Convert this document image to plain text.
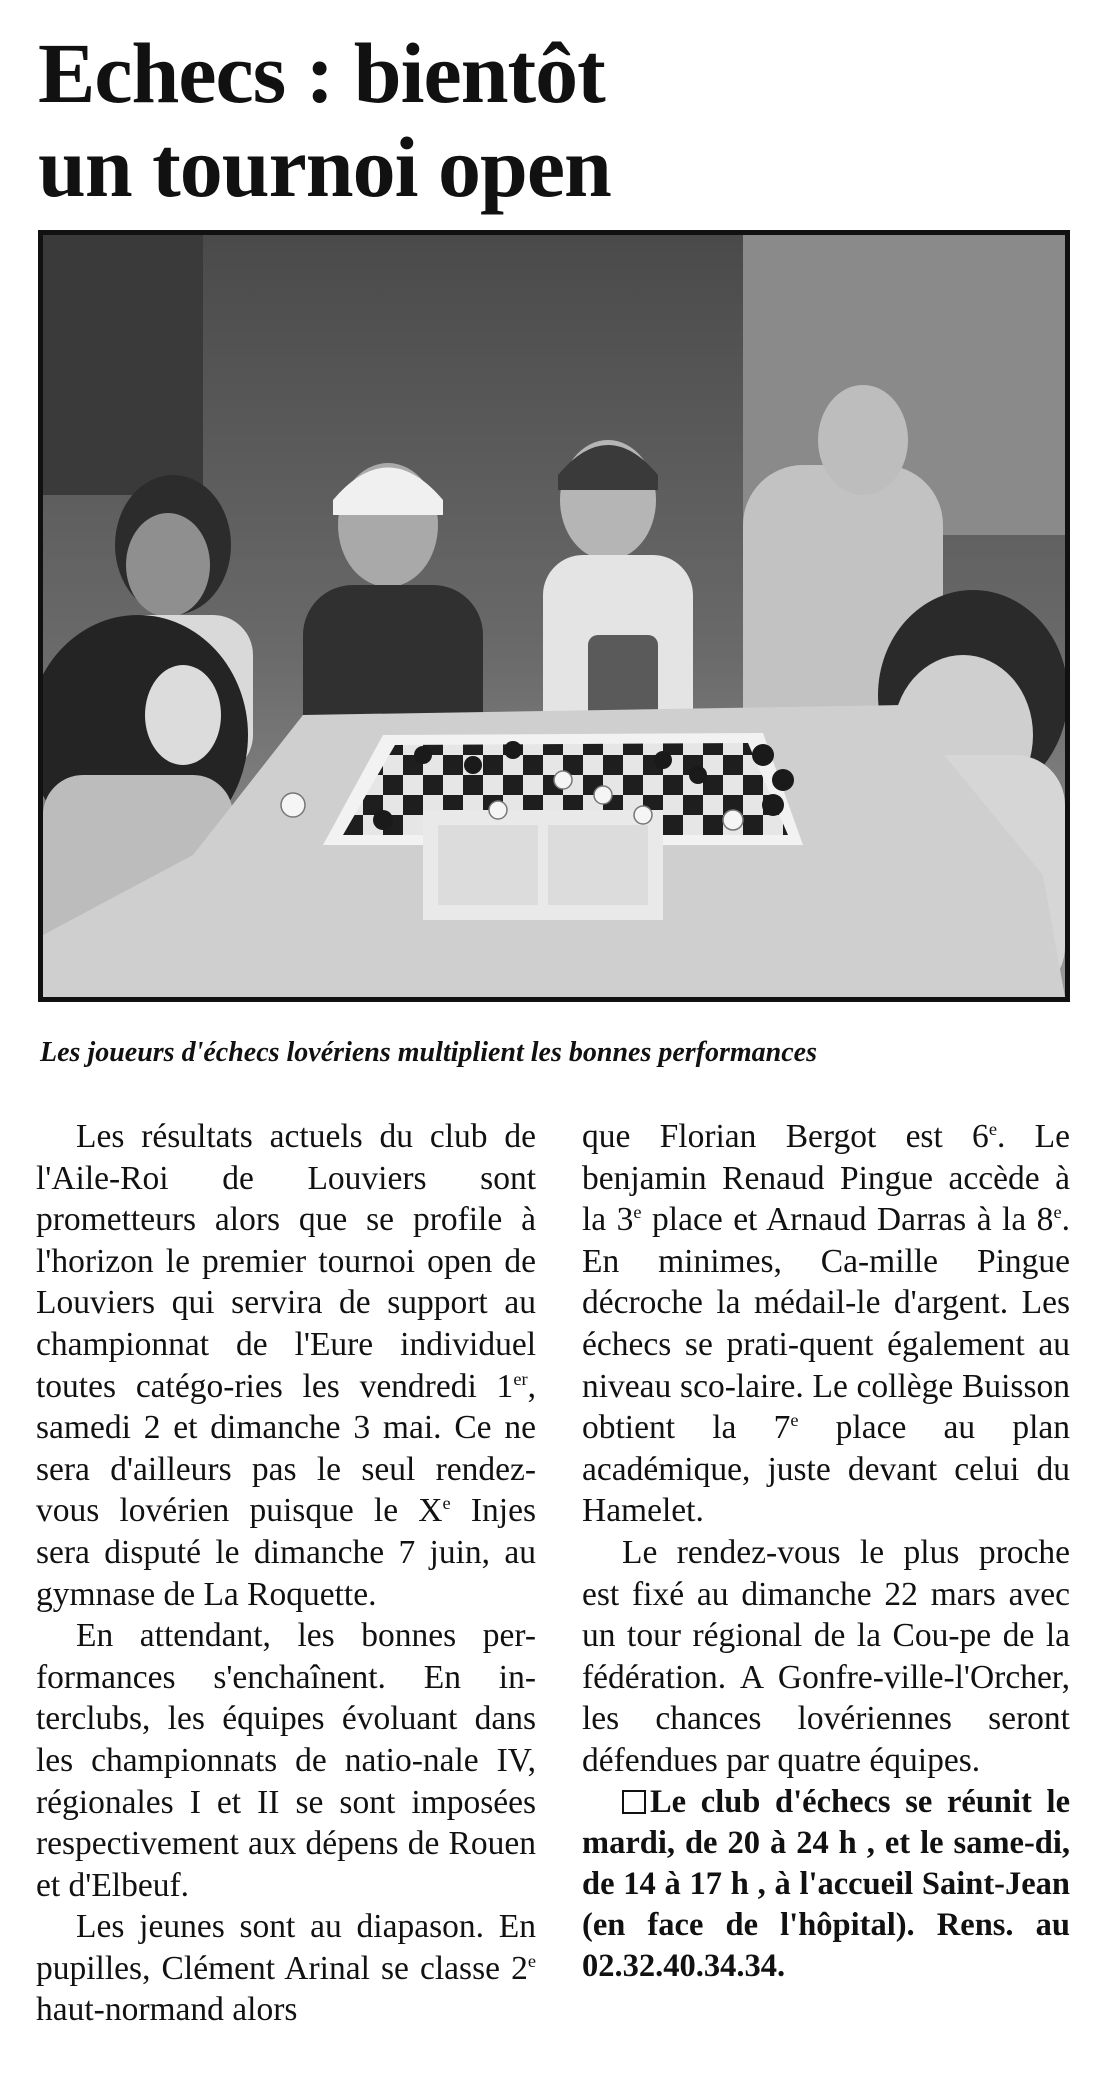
Echecs : bientôt
un tournoi open

Les joueurs d'échecs lovériens multiplient les bonnes performances

Les résultats actuels du club de l'Aile-Roi de Louviers sont prometteurs alors que se profile à l'horizon le premier tournoi open de Louviers qui servira de support au championnat de l'Eure individuel toutes catégo-ries les vendredi 1er, samedi 2 et dimanche 3 mai. Ce ne sera d'ailleurs pas le seul rendez-vous lovérien puisque le Xe Injes sera disputé le dimanche 7 juin, au gymnase de La Roquette.

En attendant, les bonnes per-formances s'enchaînent. En in-terclubs, les équipes évoluant dans les championnats de natio-nale IV, régionales I et II se sont imposées respectivement aux dépens de Rouen et d'Elbeuf.

Les jeunes sont au diapason. En pupilles, Clément Arinal se classe 2e haut-normand alors

que Florian Bergot est 6e. Le benjamin Renaud Pingue accède à la 3e place et Arnaud Darras à la 8e. En minimes, Ca-mille Pingue décroche la médail-le d'argent. Les échecs se prati-quent également au niveau sco-laire. Le collège Buisson obtient la 7e place au plan académique, juste devant celui du Hamelet.

Le rendez-vous le plus proche est fixé au dimanche 22 mars avec un tour régional de la Cou-pe de la fédération. A Gonfre-ville-l'Orcher, les chances lovériennes seront défendues par quatre équipes.

Le club d'échecs se réunit le mardi, de 20 à 24 h , et le same-di, de 14 à 17 h , à l'accueil Saint-Jean (en face de l'hôpital). Rens. au 02.32.40.34.34.
